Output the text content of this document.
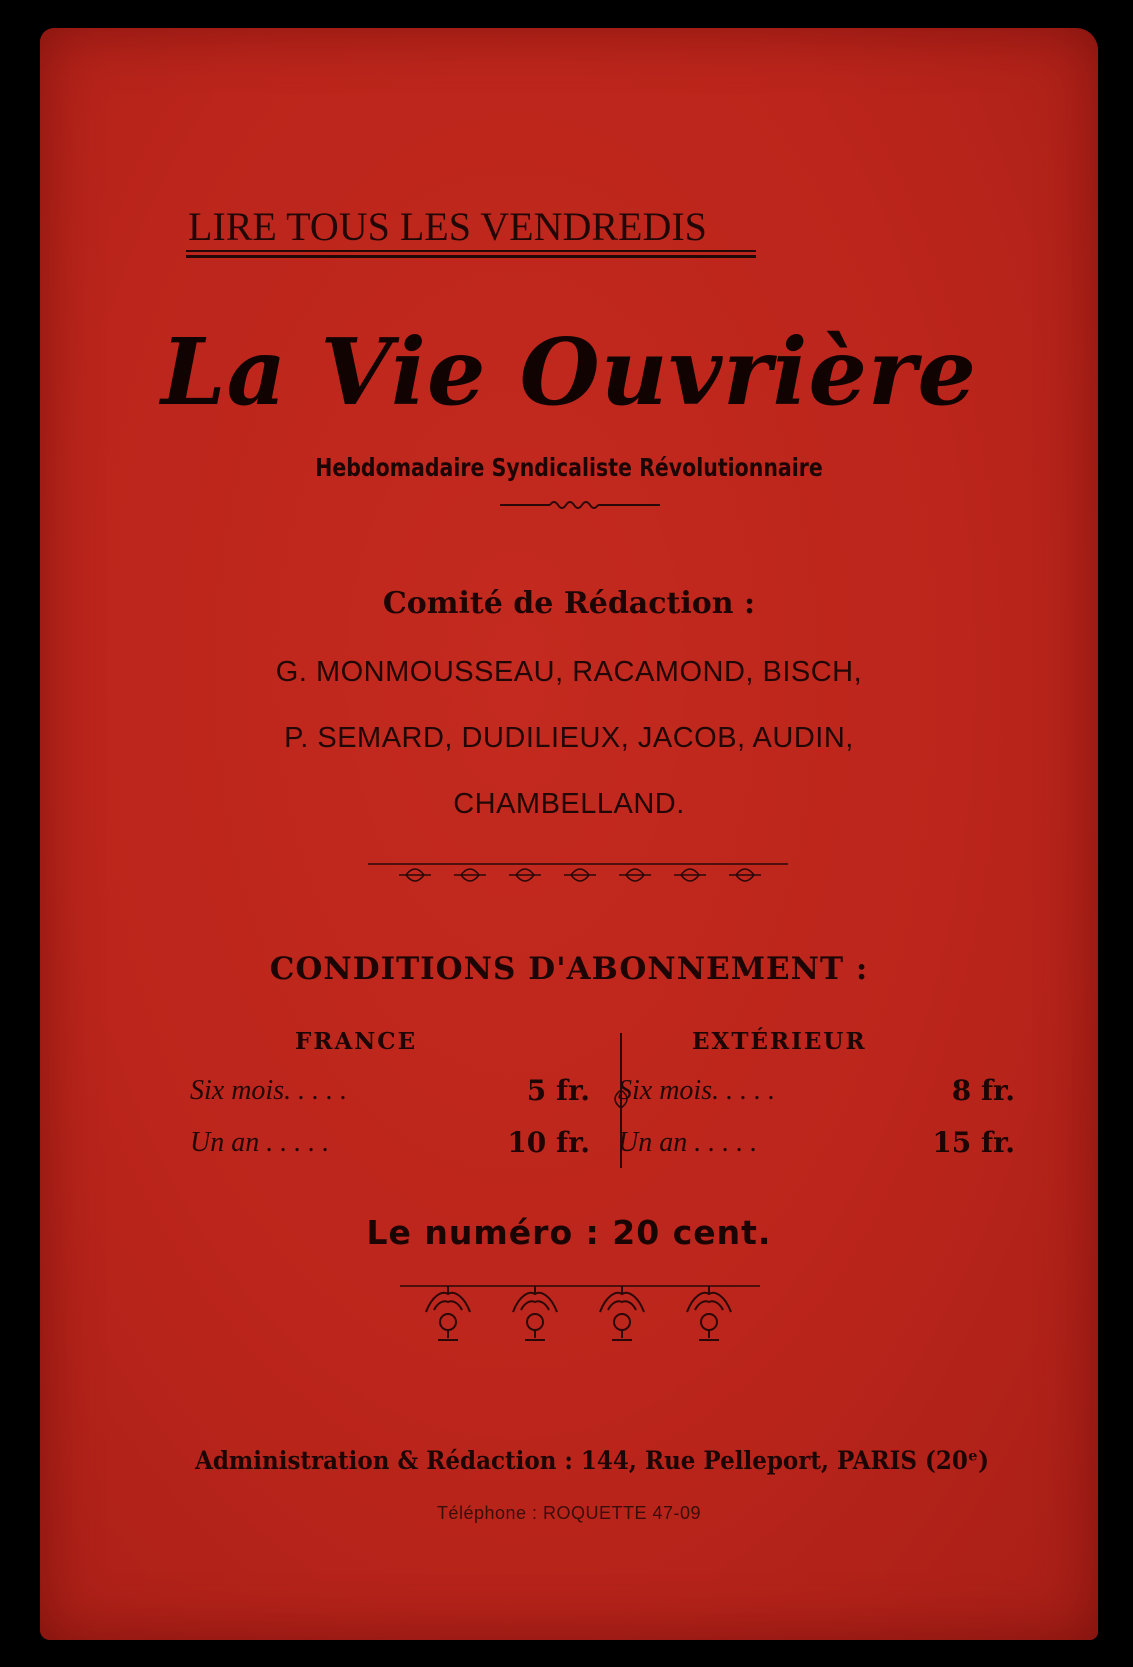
LIRE TOUS LES VENDREDIS
La Vie Ouvrière
Hebdomadaire Syndicaliste Révolutionnaire
Comité de Rédaction :
G. MONMOUSSEAU, RACAMOND, BISCH,
P. SEMARD, DUDILIEUX, JACOB, AUDIN,
CHAMBELLAND.
CONDITIONS D'ABONNEMENT :
FRANCE	EXTÉRIEUR
Six mois. . . . .	5 fr.
Un an . . . . .	10 fr.
Six mois. . . . .	8 fr.
Un an . . . . .	15 fr.
Le numéro : 20 cent.
Administration & Rédaction : 144, Rue Pelleport, PARIS (20ᵉ)
Téléphone : ROQUETTE 47-09
